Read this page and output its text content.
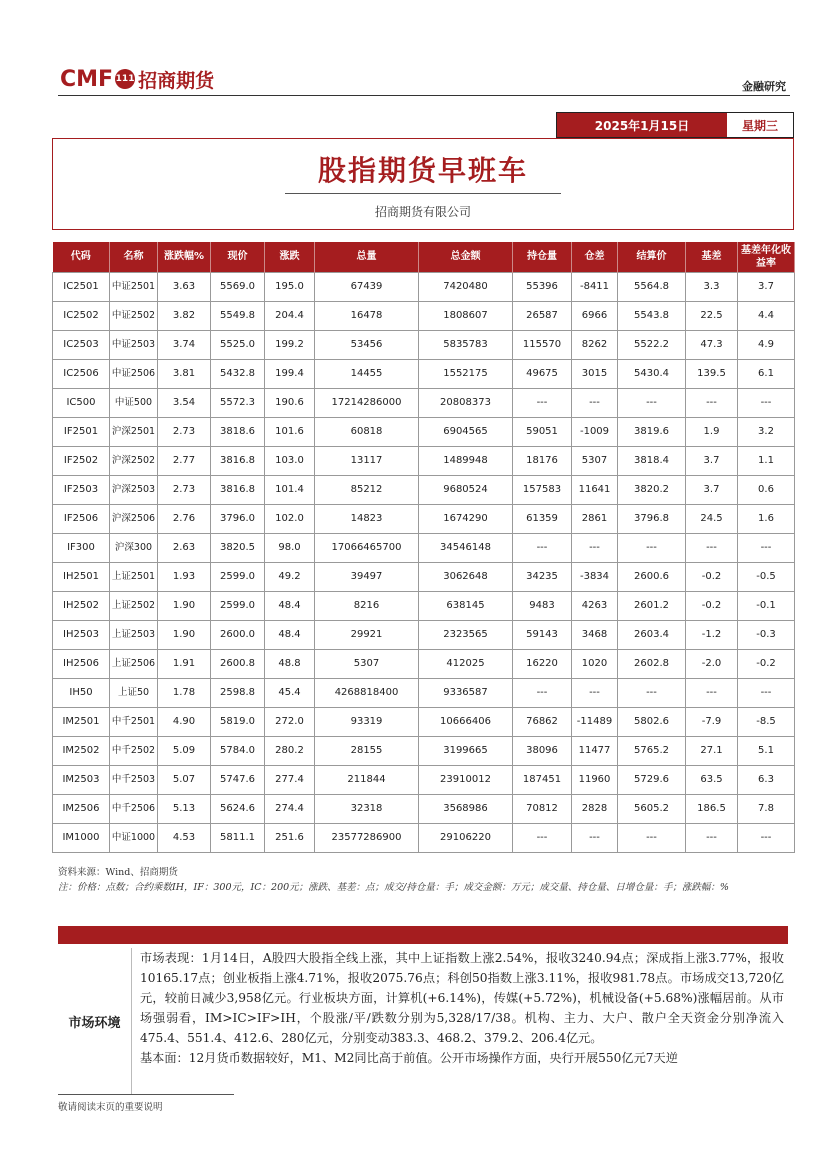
CMF 111 招商期货	金融研究
2025年1月15日	星期三
股指期货早班车
招商期货有限公司
代码	名称	涨跌幅%	现价	涨跌	总量	总金额	持仓量	仓差	结算价	基差	基差年化收益率
IC2501	中证2501	3.63	5569.0	195.0	67439	7420480	55396	-8411	5564.8	3.3	3.7
IC2502	中证2502	3.82	5549.8	204.4	16478	1808607	26587	6966	5543.8	22.5	4.4
IC2503	中证2503	3.74	5525.0	199.2	53456	5835783	115570	8262	5522.2	47.3	4.9
IC2506	中证2506	3.81	5432.8	199.4	14455	1552175	49675	3015	5430.4	139.5	6.1
IC500	中证500	3.54	5572.3	190.6	17214286000	20808373	---	---	---	---	---
IF2501	沪深2501	2.73	3818.6	101.6	60818	6904565	59051	-1009	3819.6	1.9	3.2
IF2502	沪深2502	2.77	3816.8	103.0	13117	1489948	18176	5307	3818.4	3.7	1.1
IF2503	沪深2503	2.73	3816.8	101.4	85212	9680524	157583	11641	3820.2	3.7	0.6
IF2506	沪深2506	2.76	3796.0	102.0	14823	1674290	61359	2861	3796.8	24.5	1.6
IF300	沪深300	2.63	3820.5	98.0	17066465700	34546148	---	---	---	---	---
IH2501	上证2501	1.93	2599.0	49.2	39497	3062648	34235	-3834	2600.6	-0.2	-0.5
IH2502	上证2502	1.90	2599.0	48.4	8216	638145	9483	4263	2601.2	-0.2	-0.1
IH2503	上证2503	1.90	2600.0	48.4	29921	2323565	59143	3468	2603.4	-1.2	-0.3
IH2506	上证2506	1.91	2600.8	48.8	5307	412025	16220	1020	2602.8	-2.0	-0.2
IH50	上证50	1.78	2598.8	45.4	4268818400	9336587	---	---	---	---	---
IM2501	中千2501	4.90	5819.0	272.0	93319	10666406	76862	-11489	5802.6	-7.9	-8.5
IM2502	中千2502	5.09	5784.0	280.2	28155	3199665	38096	11477	5765.2	27.1	5.1
IM2503	中千2503	5.07	5747.6	277.4	211844	23910012	187451	11960	5729.6	63.5	6.3
IM2506	中千2506	5.13	5624.6	274.4	32318	3568986	70812	2828	5605.2	186.5	7.8
IM1000	中证1000	4.53	5811.1	251.6	23577286900	29106220	---	---	---	---	---
资料来源：Wind、招商期货
注：价格：点数；合约乘数IH，IF：300元，IC：200元；涨跌、基差：点；成交/持仓量：手；成交金额：万元；成交量、持仓量、日增仓量：手；涨跌幅：%
市场环境

市场表现：1月14日，A股四大股指全线上涨，其中上证指数上涨2.54%，报收3240.94点；深成指上涨3.77%，报收10165.17点；创业板指上涨4.71%，报收2075.76点；科创50指数上涨3.11%，报收981.78点。市场成交13,720亿元，较前日减少3,958亿元。行业板块方面，计算机(+6.14%)，传媒(+5.72%)，机械设备(+5.68%)涨幅居前。从市场强弱看，IM>IC>IF>IH，个股涨/平/跌数分别为5,328/17/38。机构、主力、大户、散户全天资金分别净流入475.4、551.4、412.6、280亿元，分别变动383.3、468.2、379.2、206.4亿元。

基本面：12月货币数据较好，M1、M2同比高于前值。公开市场操作方面，央行开展550亿元7天逆

敬请阅读末页的重要说明
